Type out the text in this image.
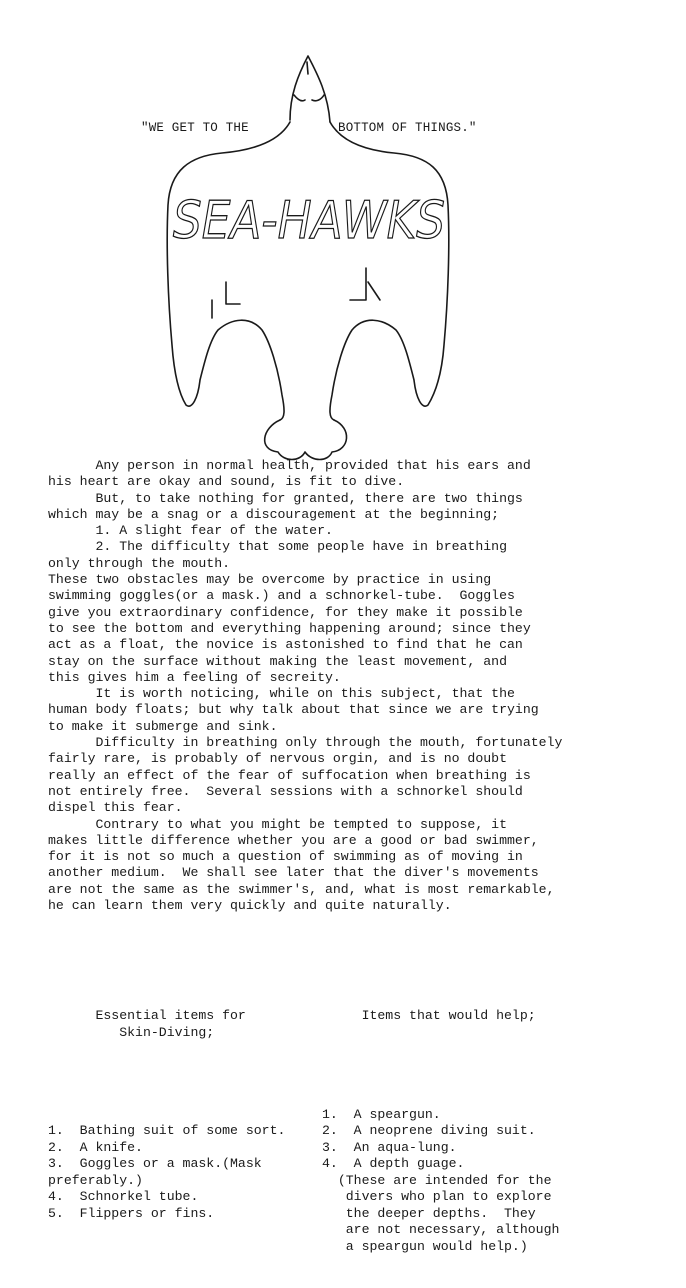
"WE GET TO THE	BOTTOM OF THINGS."
SEA-HAWKS
Any person in normal health, provided that his ears and
his heart are okay and sound, is fit to dive.
But, to take nothing for granted, there are two things
which may be a snag or a discouragement at the beginning;
1. A slight fear of the water.
2. The difficulty that some people have in breathing
only through the mouth.
These two obstacles may be overcome by practice in using
swimming goggles(or a mask.) and a schnorkel-tube.  Goggles
give you extraordinary confidence, for they make it possible
to see the bottom and everything happening around; since they
act as a float, the novice is astonished to find that he can
stay on the surface without making the least movement, and
this gives him a feeling of secreity.
It is worth noticing, while on this subject, that the
human body floats; but why talk about that since we are trying
to make it submerge and sink.
Difficulty in breathing only through the mouth, fortunately
fairly rare, is probably of nervous orgin, and is no doubt
really an effect of the fear of suffocation when breathing is
not entirely free.  Several sessions with a schnorkel should
dispel this fear.
Contrary to what you might be tempted to suppose, it
makes little difference whether you are a good or bad swimmer,
for it is not so much a question of swimming as of moving in
another medium.  We shall see later that the diver's movements
are not the same as the swimmer's, and, what is most remarkable,
he can learn them very quickly and quite naturally.

Essential items for
Skin-Diving;

1.  Bathing suit of some sort.
2.  A knife.
3.  Goggles or a mask.(Mask
preferably.)
4.  Schnorkel tube.
5.  Flippers or fins.

Items that would help;

1.  A speargun.
2.  A neoprene diving suit.
3.  An aqua-lung.
4.  A depth guage.
(These are intended for the
divers who plan to explore
the deeper depths.  They
are not necessary, although
a speargun would help.)
